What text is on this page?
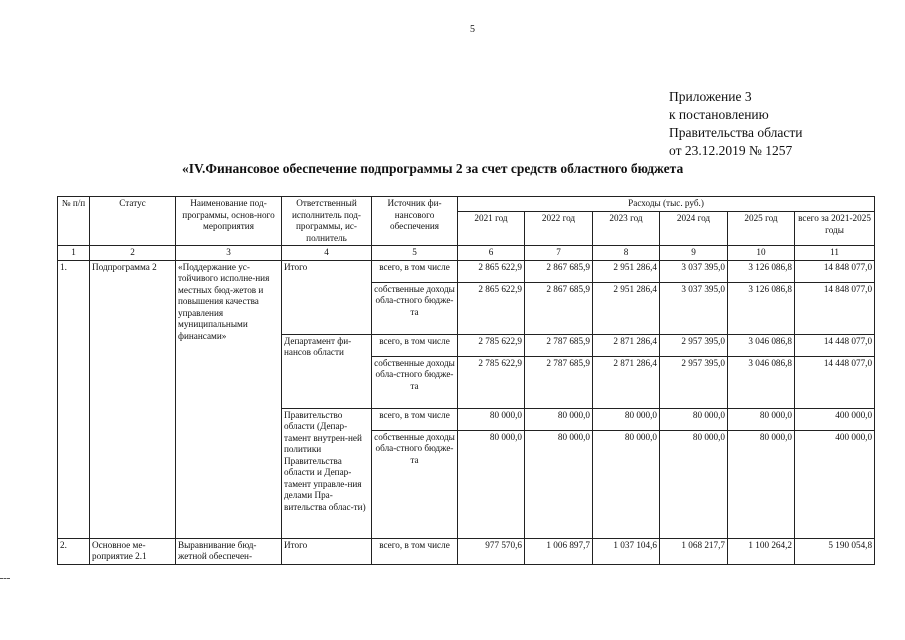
5
Приложение 3
к постановлению
Правительства области
от 23.12.2019 № 1257
«IV.Финансовое обеспечение подпрограммы 2 за счет средств областного бюджета
№ п/п	Статус	Наименование под-программы, основ-ного мероприятия	Ответственный исполнитель под-программы, ис-полнитель	Источник фи-нансового обеспечения	Расходы (тыс. руб.)					
					2021 год	2022 год	2023 год	2024 год	2025 год	всего за 2021-2025 годы
1	2	3	4	5	6	7	8	9	10	11
1.	Подпрограмма 2	«Поддержание ус-тойчивого исполне-ния местных бюд-жетов и повышения качества управления муниципальными финансами»	Итого	всего, в том числе	2 865 622,9	2 867 685,9	2 951 286,4	3 037 395,0	3 126 086,8	14 848 077,0
				собственные доходы обла-стного бюдже-та	2 865 622,9	2 867 685,9	2 951 286,4	3 037 395,0	3 126 086,8	14 848 077,0
			Департамент фи-нансов области	всего, в том числе	2 785 622,9	2 787 685,9	2 871 286,4	2 957 395,0	3 046 086,8	14 448 077,0
				собственные доходы обла-стного бюдже-та	2 785 622,9	2 787 685,9	2 871 286,4	2 957 395,0	3 046 086,8	14 448 077,0
			Правительство области (Депар-тамент внутрен-ней политики Правительства области и Депар-тамент управле-ния делами Пра-вительства облас-ти)	всего, в том числе	80 000,0	80 000,0	80 000,0	80 000,0	80 000,0	400 000,0
				собственные доходы обла-стного бюдже-та	80 000,0	80 000,0	80 000,0	80 000,0	80 000,0	400 000,0
2.	Основное ме-роприятие 2.1	Выравнивание бюд-жетной обеспечен-	Итого	всего, в том числе	977 570,6	1 006 897,7	1 037 104,6	1 068 217,7	1 100 264,2	5 190 054,8
